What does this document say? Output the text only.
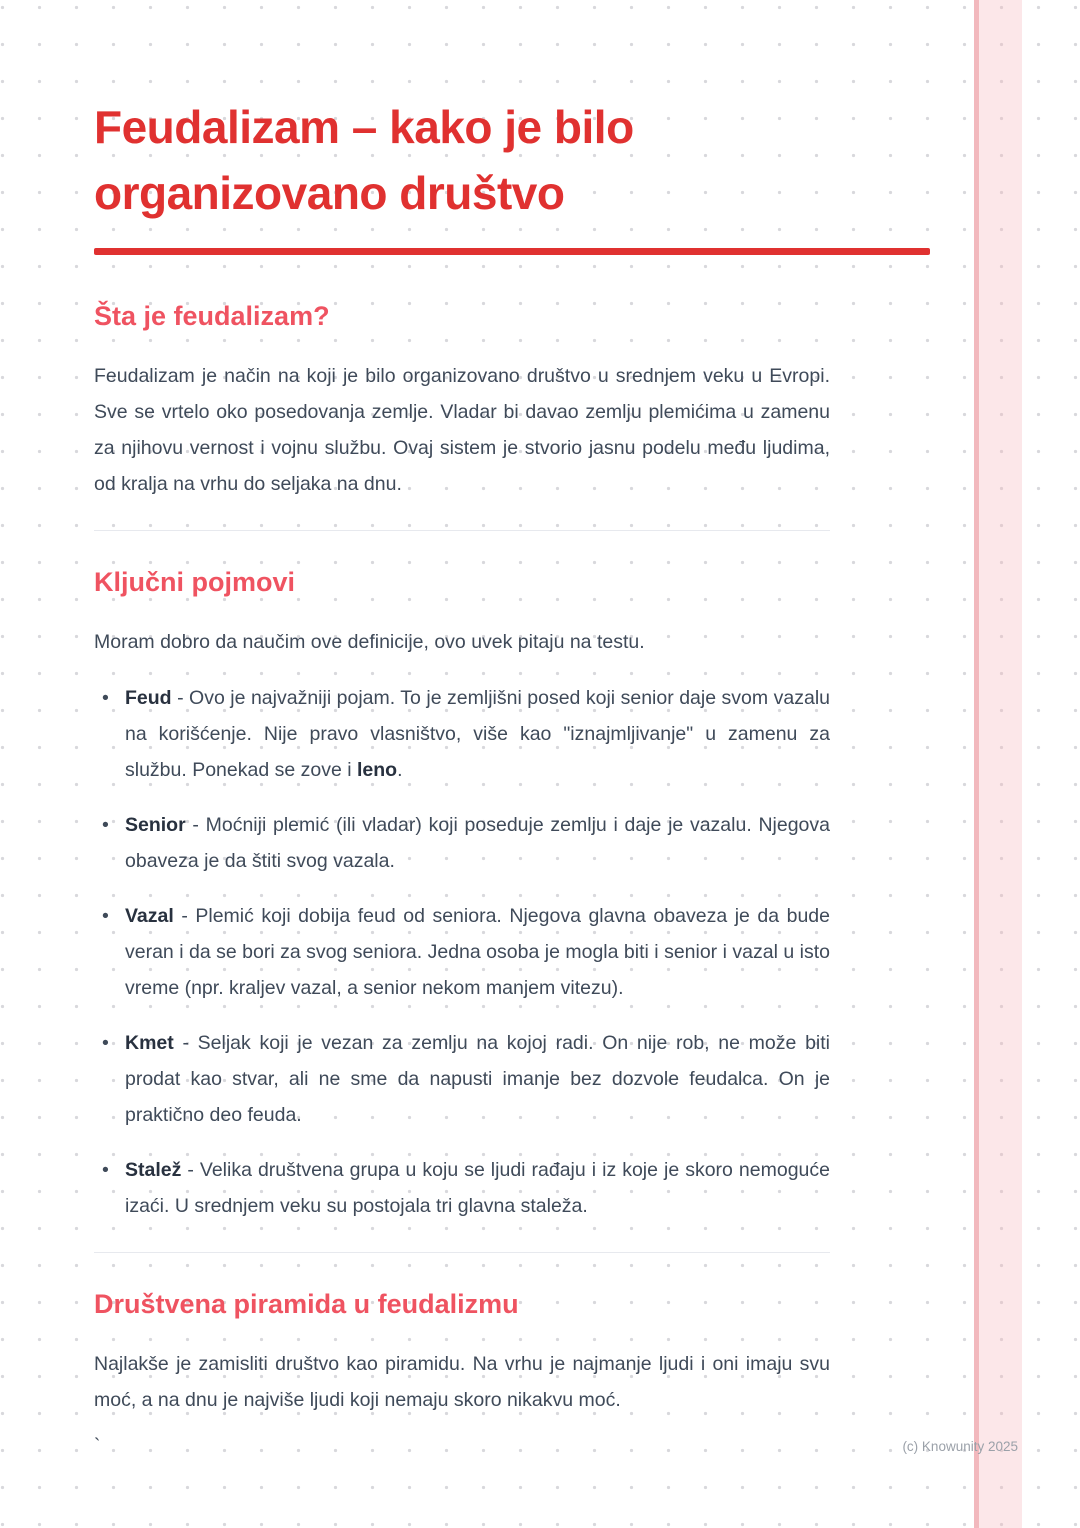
Feudalizam – kako je bilo organizovano društvo
Šta je feudalizam?

Feudalizam je način na koji je bilo organizovano društvo u srednjem veku u Evropi. Sve se vrtelo oko posedovanja zemlje. Vladar bi davao zemlju plemićima u zamenu za njihovu vernost i vojnu službu. Ovaj sistem je stvorio jasnu podelu među ljudima, od kralja na vrhu do seljaka na dnu.

Ključni pojmovi

Moram dobro da naučim ove definicije, ovo uvek pitaju na testu.

• Feud - Ovo je najvažniji pojam. To je zemljišni posed koji senior daje svom vazalu na korišćenje. Nije pravo vlasništvo, više kao "iznajmljivanje" u zamenu za službu. Ponekad se zove i leno.
• Senior - Moćniji plemić (ili vladar) koji poseduje zemlju i daje je vazalu. Njegova obaveza je da štiti svog vazala.
• Vazal - Plemić koji dobija feud od seniora. Njegova glavna obaveza je da bude veran i da se bori za svog seniora. Jedna osoba je mogla biti i senior i vazal u isto vreme (npr. kraljev vazal, a senior nekom manjem vitezu).
• Kmet - Seljak koji je vezan za zemlju na kojoj radi. On nije rob, ne može biti prodat kao stvar, ali ne sme da napusti imanje bez dozvole feudalca. On je praktično deo feuda.
• Stalež - Velika društvena grupa u koju se ljudi rađaju i iz koje je skoro nemoguće izaći. U srednjem veku su postojala tri glavna staleža.
Društvena piramida u feudalizmu

Najlakše je zamisliti društvo kao piramidu. Na vrhu je najmanje ljudi i oni imaju svu moć, a na dnu je najviše ljudi koji nemaju skoro nikakvu moć.

`	(c) Knowunity 2025
